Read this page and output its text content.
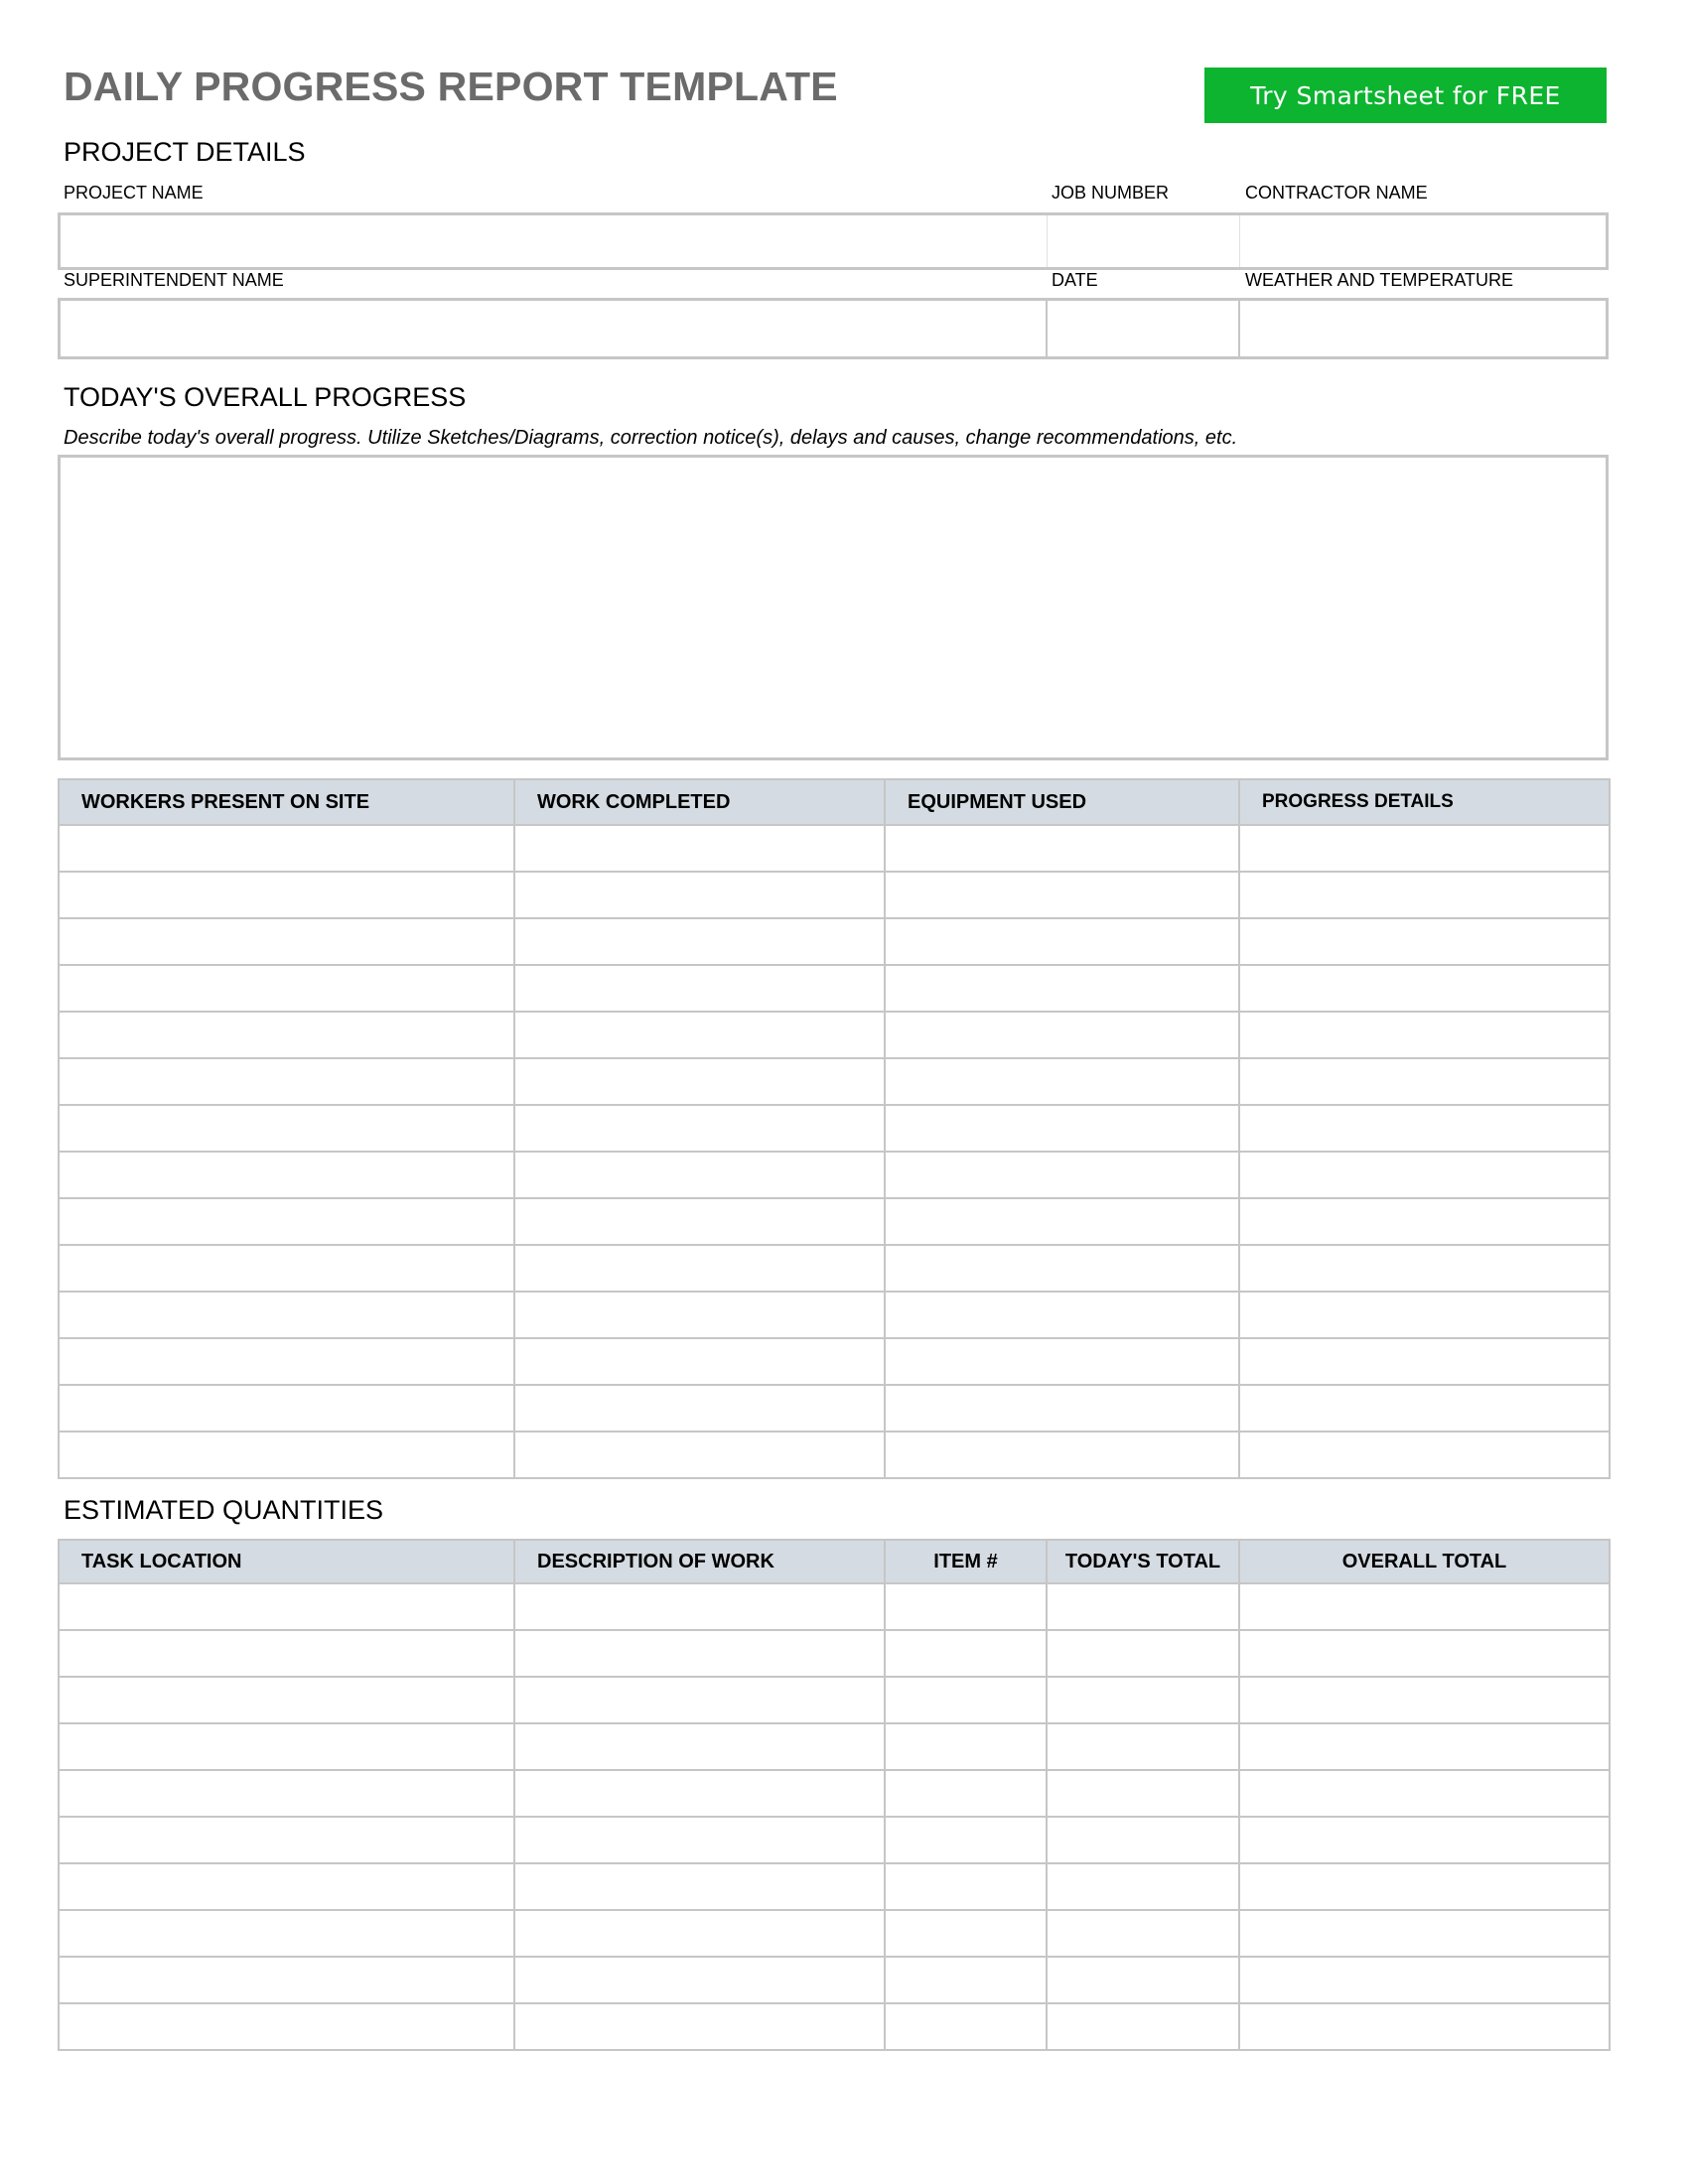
DAILY PROGRESS REPORT TEMPLATE	Try Smartsheet for FREE
PROJECT DETAILS
PROJECT NAME	JOB NUMBER	CONTRACTOR NAME
SUPERINTENDENT NAME	DATE	WEATHER AND TEMPERATURE
TODAY'S OVERALL PROGRESS
Describe today's overall progress. Utilize Sketches/Diagrams, correction notice(s), delays and causes, change recommendations, etc.
WORKERS PRESENT ON SITE	WORK COMPLETED	EQUIPMENT USED	PROGRESS DETAILS

ESTIMATED QUANTITIES
TASK LOCATION	DESCRIPTION OF WORK	ITEM #	TODAY'S TOTAL	OVERALL TOTAL
